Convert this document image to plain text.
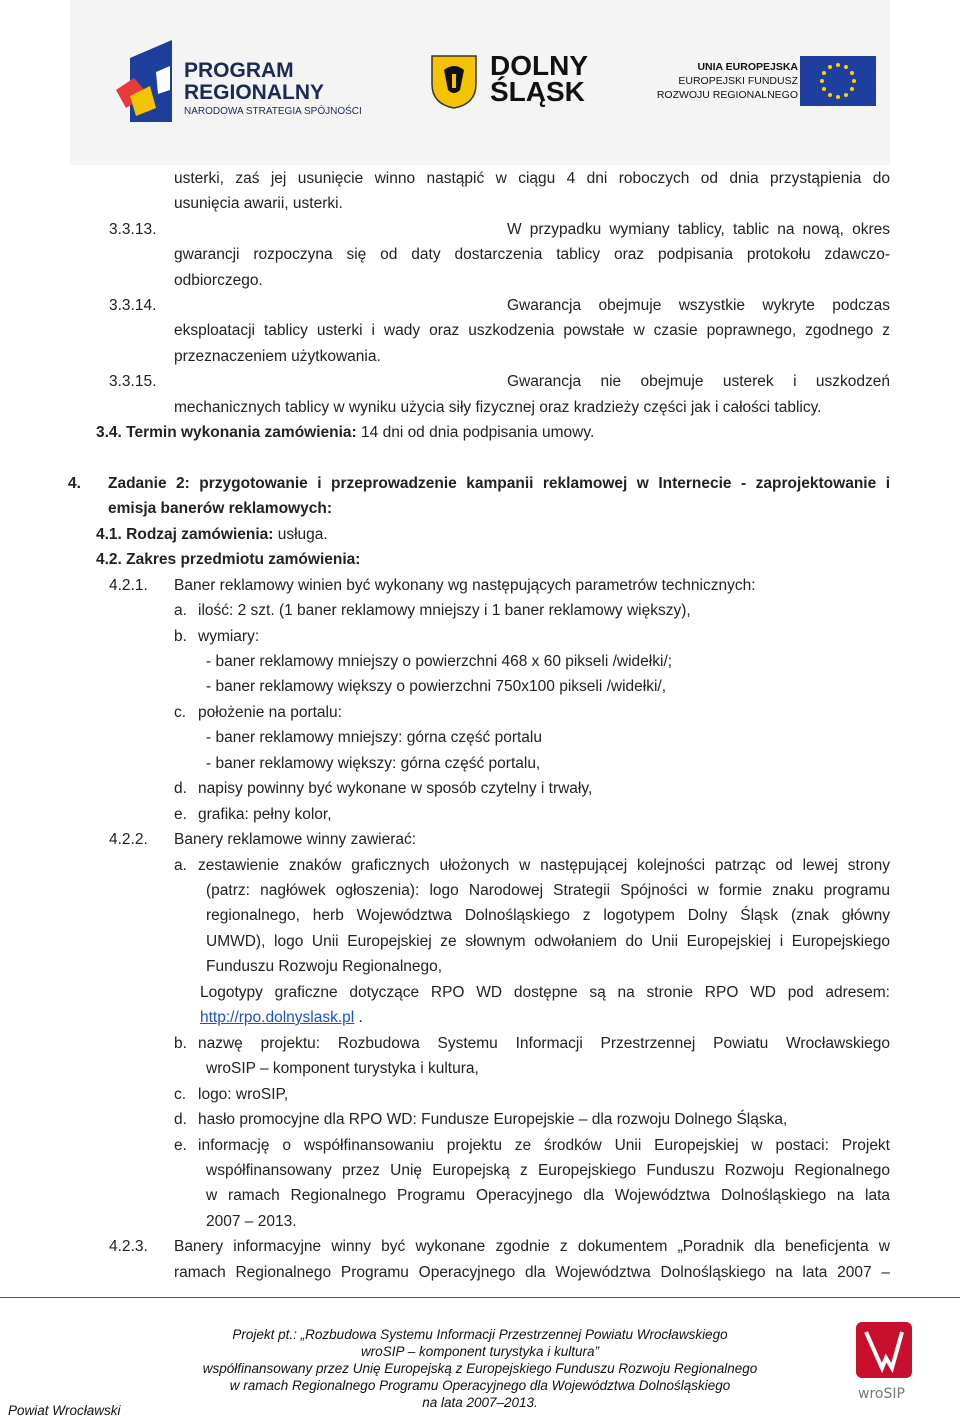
PROGRAM
REGIONALNY
NARODOWA STRATEGIA SPÓJNOŚCI
DOLNY
ŚLĄSK
UNIA EUROPEJSKA
EUROPEJSKI FUNDUSZ
ROZWOJU REGIONALNEGO
usterki, zaś jej usunięcie winno nastąpić w ciągu 4 dni roboczych od dnia przystąpienia do
usunięcia awarii, usterki.
3.3.13.	W przypadku wymiany tablicy, tablic na nową, okres
gwarancji rozpoczyna się od daty dostarczenia tablicy oraz podpisania protokołu zdawczo-
odbiorczego.
3.3.14.	Gwarancja obejmuje wszystkie wykryte podczas
eksploatacji tablicy usterki i wady oraz uszkodzenia powstałe w czasie poprawnego, zgodnego z
przeznaczeniem użytkowania.
3.3.15.	Gwarancja nie obejmuje usterek i uszkodzeń
mechanicznych tablicy w wyniku użycia siły fizycznej oraz kradzieży części jak i całości tablicy.
3.4. Termin wykonania zamówienia: 14 dni od dnia podpisania umowy.
4. Zadanie 2: przygotowanie i przeprowadzenie kampanii reklamowej w Internecie - zaprojektowanie i
emisja banerów reklamowych:
4.1. Rodzaj zamówienia: usługa.
4.2. Zakres przedmiotu zamówienia:
4.2.1. Baner reklamowy winien być wykonany wg następujących parametrów technicznych:
a. ilość: 2 szt. (1 baner reklamowy mniejszy i 1 baner reklamowy większy),
b. wymiary:
- baner reklamowy mniejszy o powierzchni 468 x 60 pikseli /widełki/;
- baner reklamowy większy o powierzchni 750x100 pikseli /widełki/,
c. położenie na portalu:
- baner reklamowy mniejszy: górna część portalu
- baner reklamowy większy: górna część portalu,
d. napisy powinny być wykonane w sposób czytelny i trwały,
e. grafika: pełny kolor,
4.2.2. Banery reklamowe winny zawierać:
a. zestawienie znaków graficznych ułożonych w następującej kolejności patrząc od lewej strony
(patrz: nagłówek ogłoszenia): logo Narodowej Strategii Spójności w formie znaku programu
regionalnego, herb Województwa Dolnośląskiego z logotypem Dolny Śląsk (znak główny
UMWD), logo Unii Europejskiej ze słownym odwołaniem do Unii Europejskiej i Europejskiego
Funduszu Rozwoju Regionalnego,
Logotypy graficzne dotyczące RPO WD dostępne są na stronie RPO WD pod adresem:
http://rpo.dolnyslask.pl .
b. nazwę projektu: Rozbudowa Systemu Informacji Przestrzennej Powiatu Wrocławskiego
wroSIP – komponent turystyka i kultura,
c. logo: wroSIP,
d. hasło promocyjne dla RPO WD: Fundusze Europejskie – dla rozwoju Dolnego Śląska,
e. informację o współfinansowaniu projektu ze środków Unii Europejskiej w postaci: Projekt
współfinansowany przez Unię Europejską z Europejskiego Funduszu Rozwoju Regionalnego
w ramach Regionalnego Programu Operacyjnego dla Województwa Dolnośląskiego na lata
2007 – 2013.
4.2.3. Banery informacyjne winny być wykonane zgodnie z dokumentem „Poradnik dla beneficjenta w
ramach Regionalnego Programu Operacyjnego dla Województwa Dolnośląskiego na lata 2007 –
Projekt pt.: „Rozbudowa Systemu Informacji Przestrzennej Powiatu Wrocławskiego
wroSIP – komponent turystyka i kultura”
współfinansowany przez Unię Europejską z Europejskiego Funduszu Rozwoju Regionalnego
w ramach Regionalnego Programu Operacyjnego dla Województwa Dolnośląskiego
na lata 2007–2013.
Powiat Wrocławski
wroSIP
